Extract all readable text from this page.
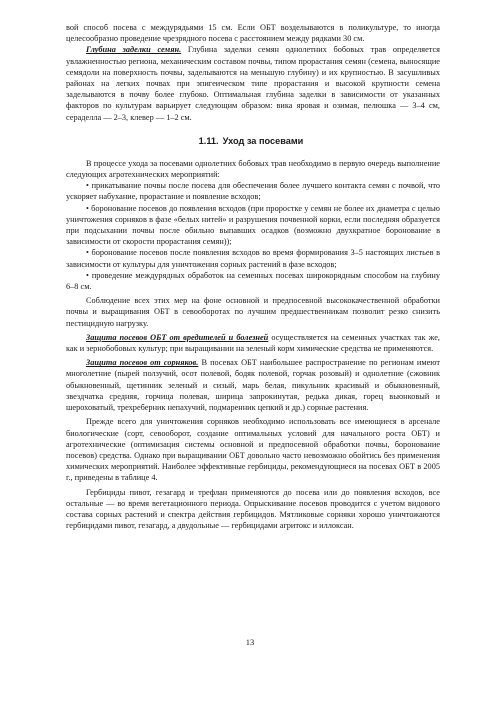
вой способ посева с междурядьями 15 см. Если ОБТ возделываются в поликультуре, то иногда целесообразно проведение чрезрядного посева с расстоянием между рядками 30 см.

Глубина заделки семян. Глубина заделки семян однолетних бобовых трав определяется увлажненностью региона, механическим составом почвы, типом прорастания семян (семена, выносящие семядоли на поверхность почвы, заделываются на меньшую глубину) и их крупностью. В засушливых районах на легких почвах при эпигеическом типе прорастания и высокой крупности семена заделываются в почву более глубоко. Оптимальная глубина заделки в зависимости от указанных факторов по культурам варьирует следующим образом: вика яровая и озимая, пелюшка — 3–4 см, сераделла — 2–3, клевер — 1–2 см.

1.11. Уход за посевами

В процессе ухода за посевами однолетних бобовых трав необходимо в первую очередь выполнение следующих агротехнических мероприятий:

• прикатывание почвы после посева для обеспечения более лучшего контакта семян с почвой, что ускоряет набухание, прорастание и появление всходов;

• боронование посевов до появления всходов (при проростке у семян не более их диаметра с целью уничтожения сорняков в фазе «белых нитей» и разрушения почвенной корки, если последняя образуется при подсыхании почвы после обильно выпавших осадков (возможно двухкратное боронование в зависимости от скорости прорастания семян));

• боронование посевов после появления всходов во время формирования 3–5 настоящих листьев в зависимости от культуры для уничтожения сорных растений в фазе всходов;

• проведение междурядных обработок на семенных посевах широкорядным способом на глубину 6–8 см.

Соблюдение всех этих мер на фоне основной и предпосевной высококачественной обработки почвы и выращивания ОБТ в севооборотах по лучшим предшественникам позволит резко снизить пестицидную нагрузку.

Защита посевов ОБТ от вредителей и болезней осуществляется на семенных участках так же, как и зернобобовых культур; при выращивании на зеленый корм химические средства не применяются.

Защита посевов от сорняков. В посевах ОБТ наибольшее распространение по регионам имеют многолетние (пырей ползучий, осот полевой, бодяк полевой, горчак розовый) и однолетние (сжовник обыкновенный, щетинник зеленый и сизый, марь белая, пикульник красивый и обыкновенный, звездчатка средняя, горчица полевая, ширица запрокинутая, редька дикая, горец вьюнковый и шероховатый, трехреберник непахучий, подмаренник цепкий и др.) сорные растения.

Прежде всего для уничтожения сорняков необходимо использовать все имеющиеся в арсенале биологические (сорт, севооборот, создание оптимальных условий для начального роста ОБТ) и агротехнические (оптимизация системы основной и предпосевной обработки почвы, боронование посевов) средства. Однако при выращивании ОБТ довольно часто невозможно обойтись без применения химических мероприятий. Наиболее эффективные гербициды, рекомендующиеся на посевах ОБТ в 2005 г., приведены в таблице 4.

Гербициды пивот, гезагард и трефлан применяются до посева или до появления всходов, все остальные — во время вегетационного периода. Опрыскивание посевов проводится с учетом видового состава сорных растений и спектра действия гербицидов. Мятликовые сорняки хорошо уничтожаются гербицидами пивот, гезагард, а двудольные — гербицидами агритокс и иллоксан.

13
